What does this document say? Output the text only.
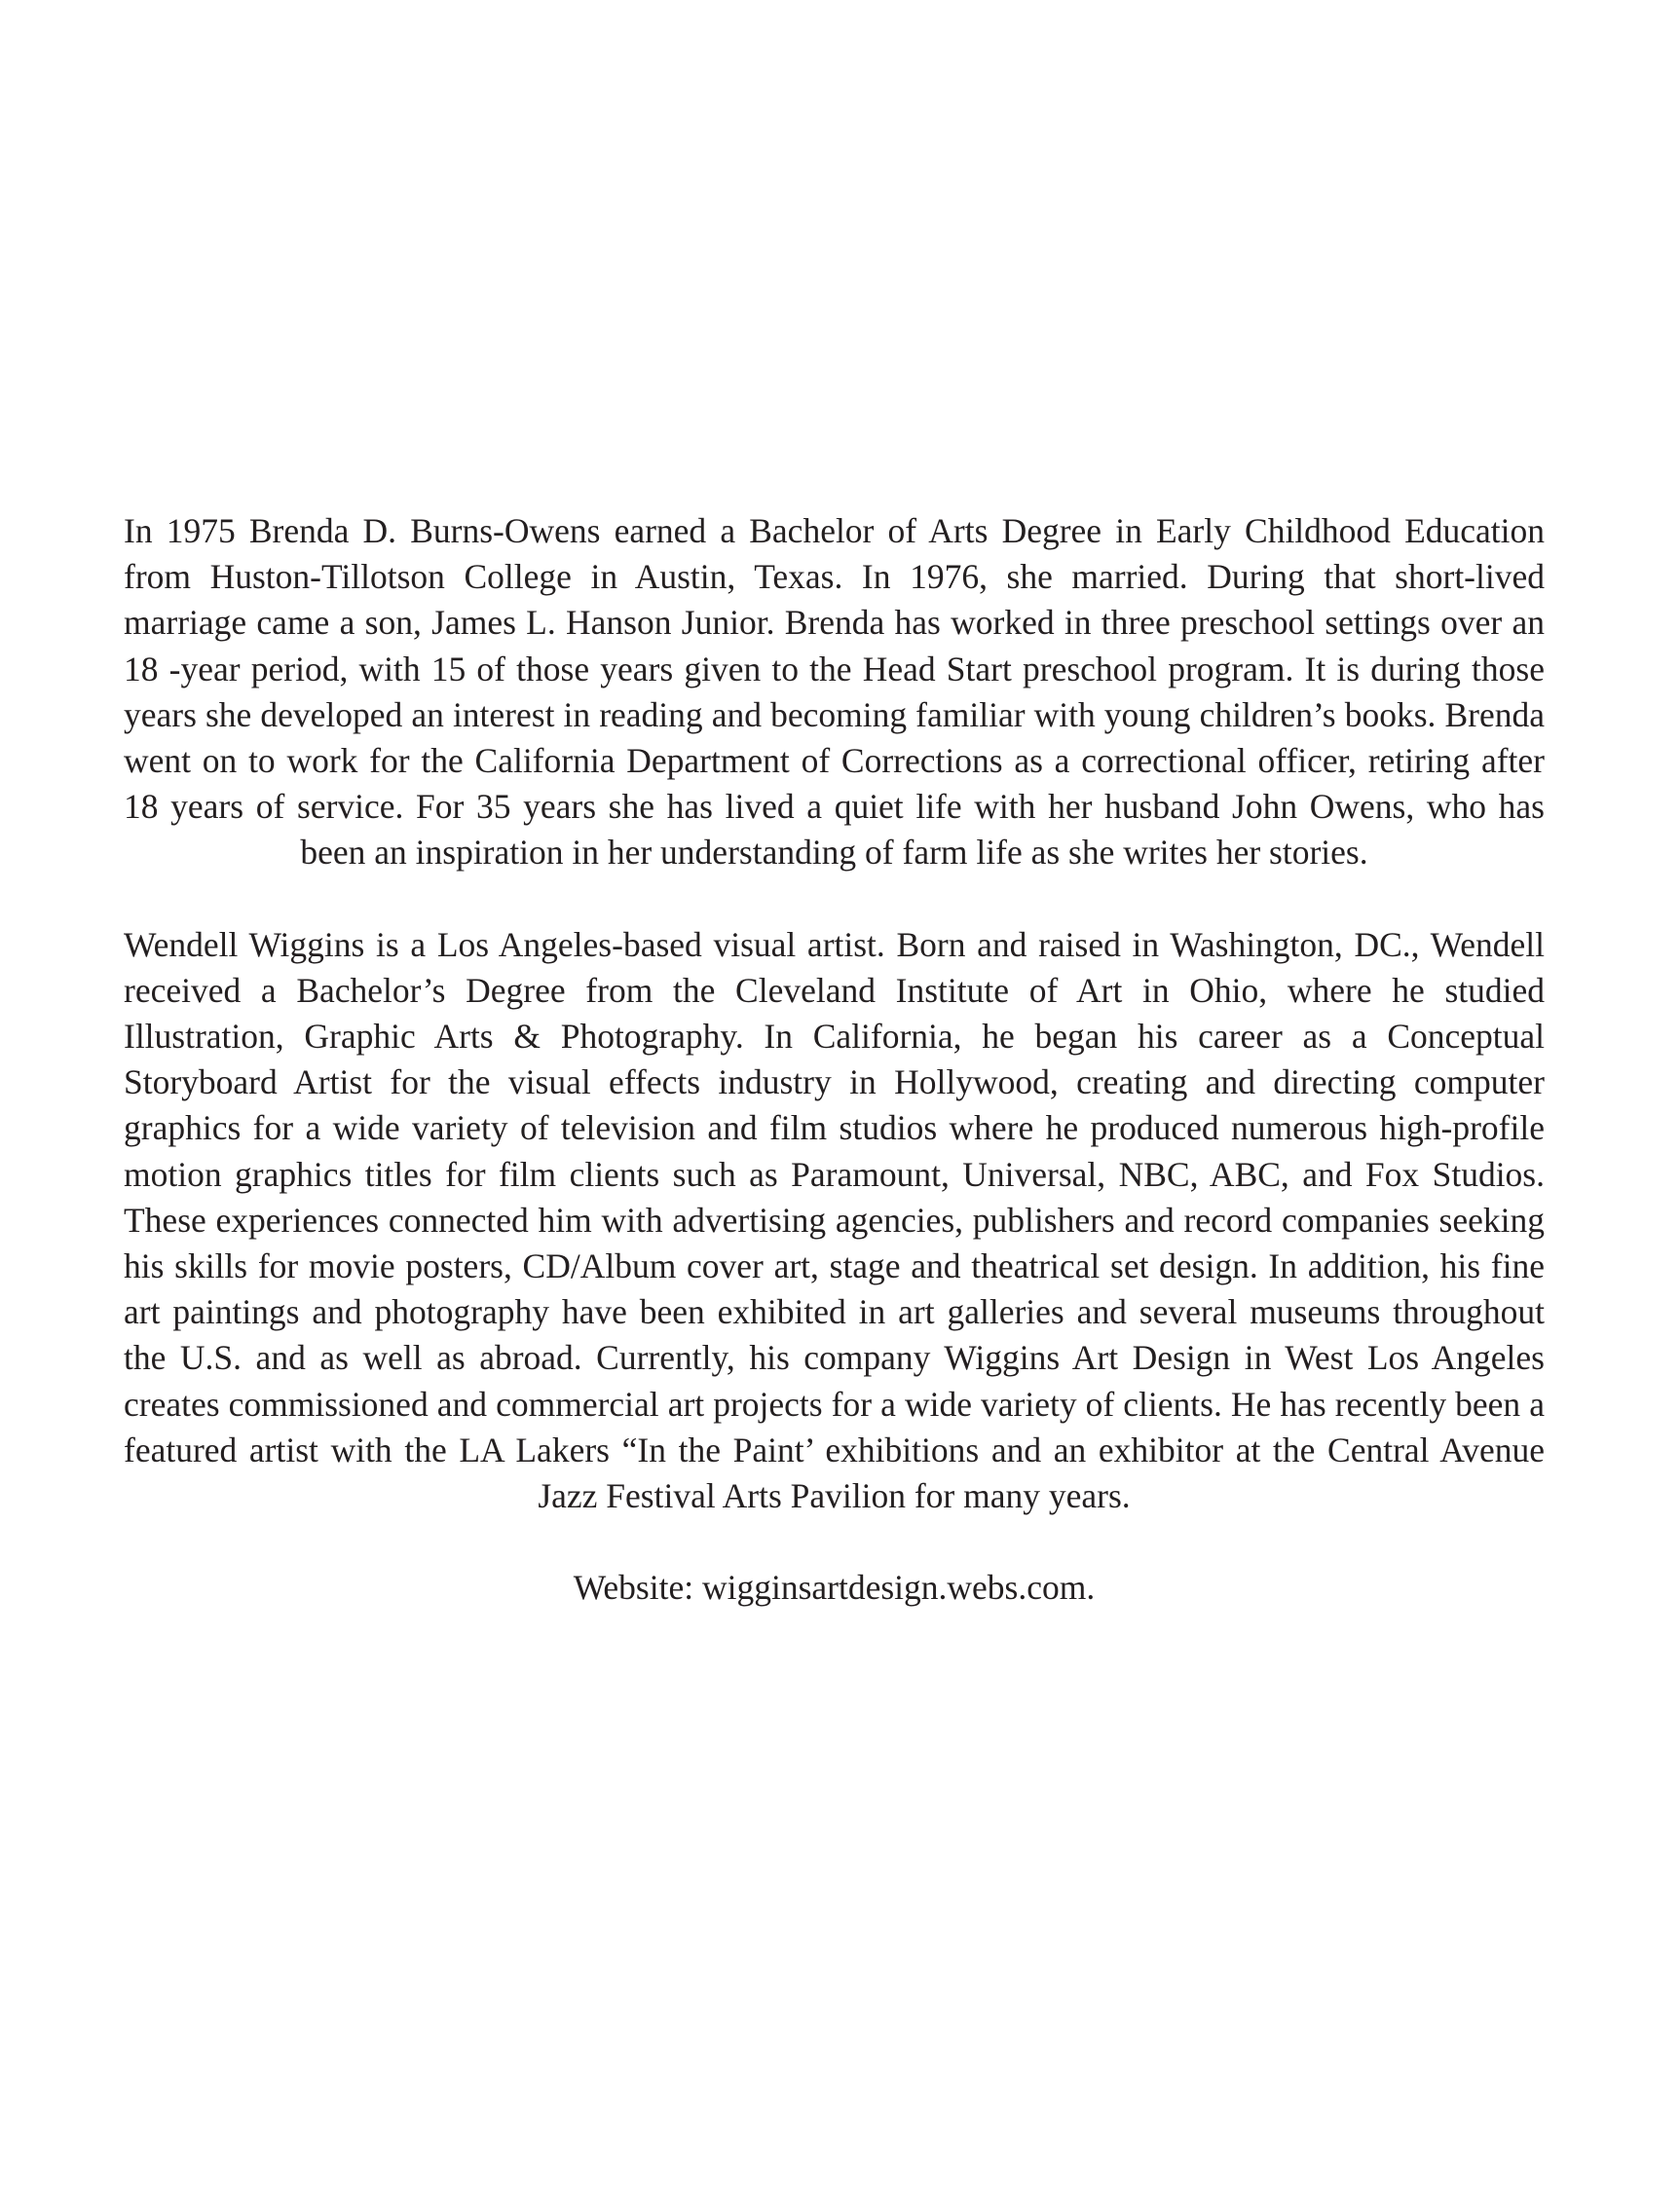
In 1975 Brenda D. Burns-Owens earned a Bachelor of Arts Degree in Early Childhood Education from Huston-Tillotson College in Austin, Texas. In 1976, she married. During that short-lived marriage came a son, James L. Hanson Junior. Brenda has worked in three preschool settings over an 18 -year period, with 15 of those years given to the Head Start preschool program. It is during those years she developed an interest in reading and becoming familiar with young children’s books. Brenda went on to work for the California Department of Corrections as a correctional officer, retiring after 18 years of service. For 35 years she has lived a quiet life with her husband John Owens, who has been an inspiration in her understanding of farm life as she writes her stories.

Wendell Wiggins is a Los Angeles-based visual artist. Born and raised in Washington, DC., Wendell received a Bachelor’s Degree from the Cleveland Institute of Art in Ohio, where he studied Illustration, Graphic Arts & Photography. In California, he began his career as a Conceptual Storyboard Artist for the visual effects industry in Hollywood, creating and directing computer graphics for a wide variety of television and film studios where he produced numerous high-profile motion graphics titles for film clients such as Paramount, Universal, NBC, ABC, and Fox Studios. These experiences connected him with advertising agencies, publishers and record companies seeking his skills for movie posters, CD/Album cover art, stage and theatrical set design. In addition, his fine art paintings and photography have been exhibited in art galleries and several museums throughout the U.S. and as well as abroad. Currently, his company Wiggins Art Design in West Los Angeles creates commissioned and commercial art projects for a wide variety of clients. He has recently been a featured artist with the LA Lakers “In the Paint’ exhibitions and an exhibitor at the Central Avenue Jazz Festival Arts Pavilion for many years.

Website: wigginsartdesign.webs.com.
